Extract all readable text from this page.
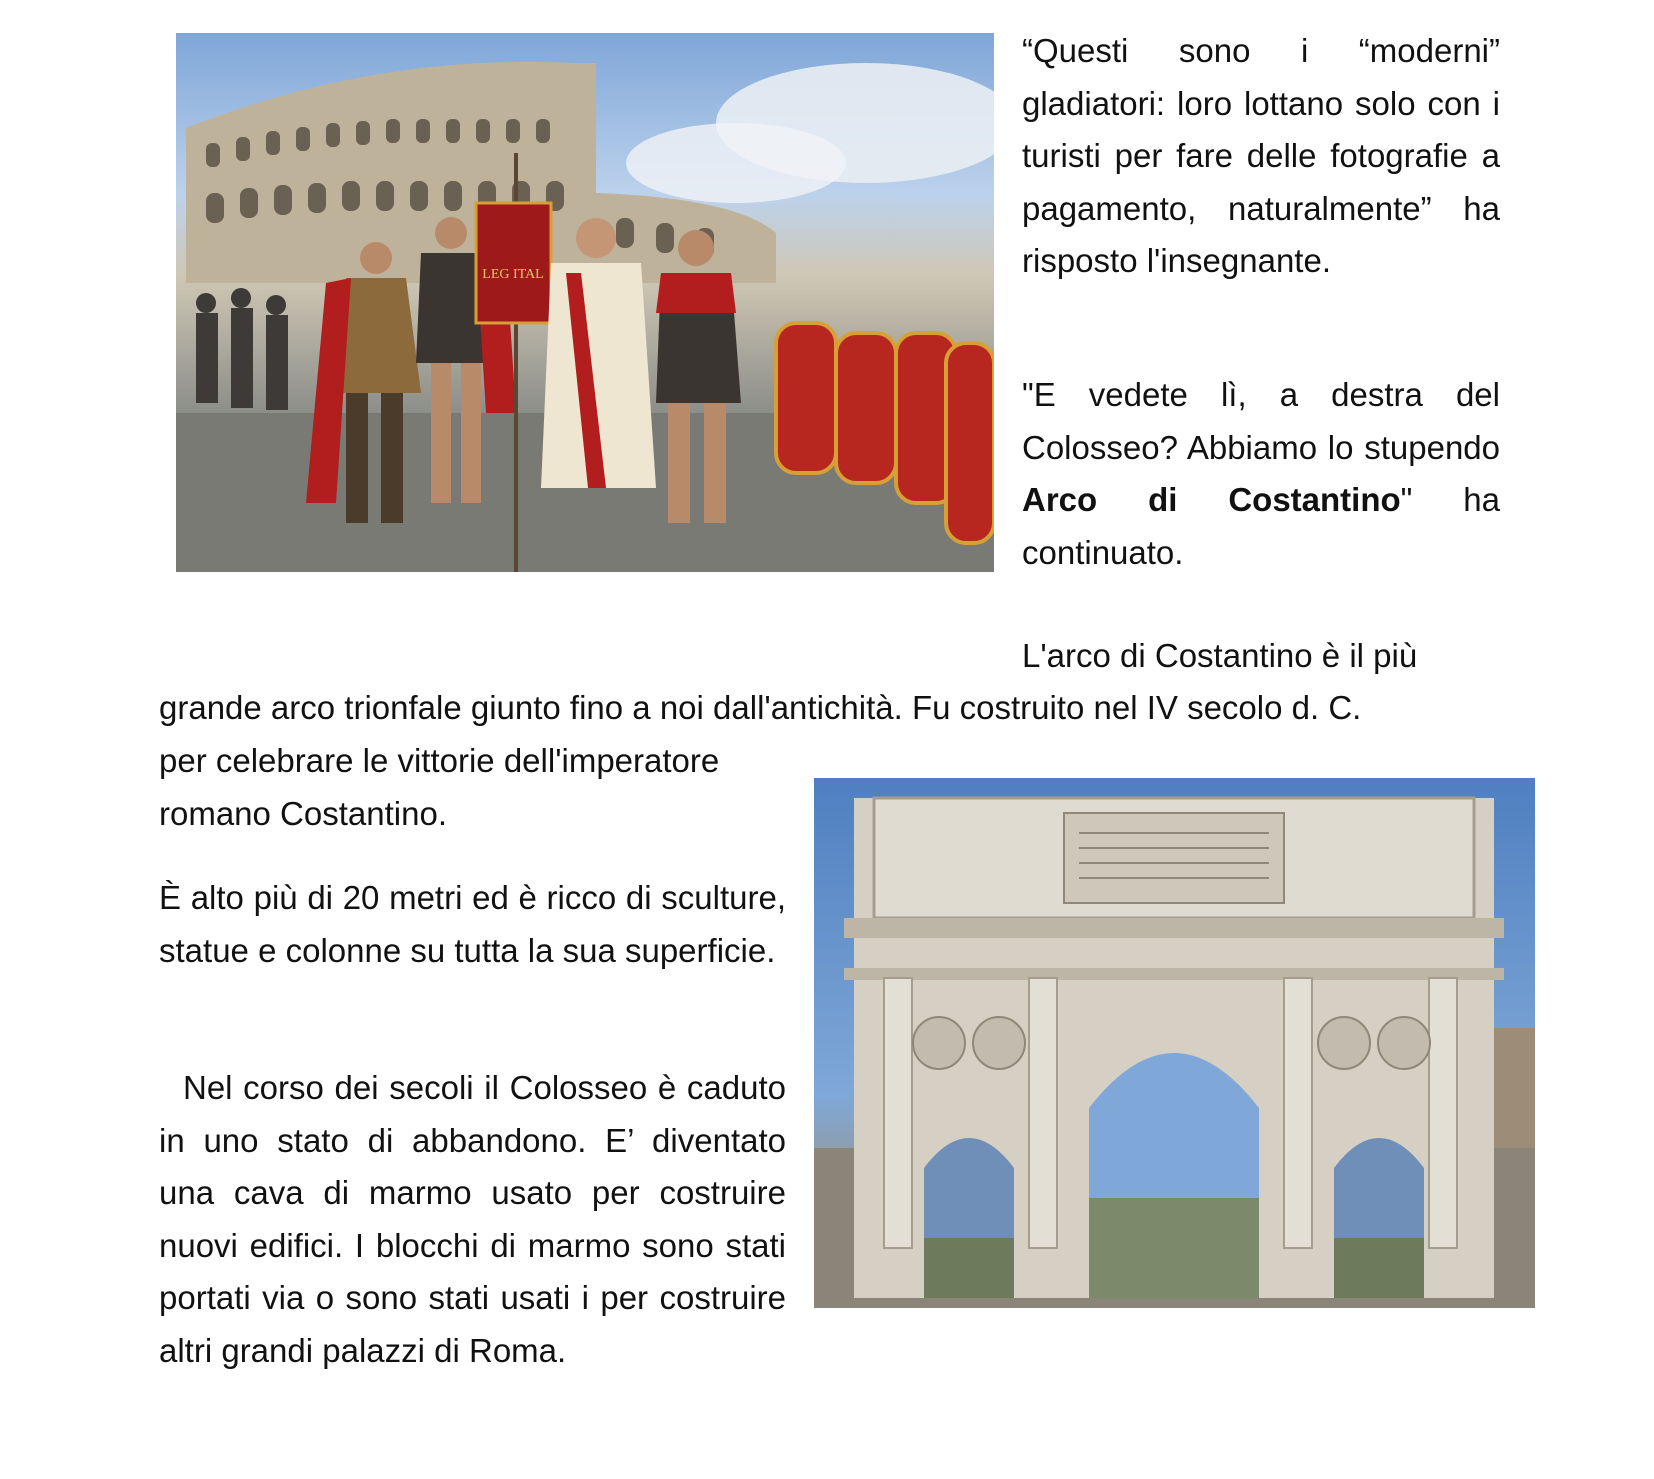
LEG ITAL

“Questi sono i “moderni” gladiatori: loro lottano solo con i turisti per fare delle fotografie a pagamento, naturalmente” ha risposto l'insegnante.

"E vedete lì, a destra del Colosseo? Abbiamo lo stupendo Arco di Costantino" ha continuato.

L'arco di Costantino è il più
grande arco trionfale giunto fino a noi dall'antichità. Fu costruito nel IV secolo d. C.
per celebrare le vittorie dell'imperatore romano Costantino.
È alto più di 20 metri ed è ricco di sculture, statue e colonne su tutta la sua superficie.
Nel corso dei secoli il Colosseo è caduto in uno stato di abbandono. E’ diventato una cava di marmo usato per costruire nuovi edifici. I blocchi di marmo sono stati portati via o sono stati usati i per costruire altri grandi palazzi di Roma.
